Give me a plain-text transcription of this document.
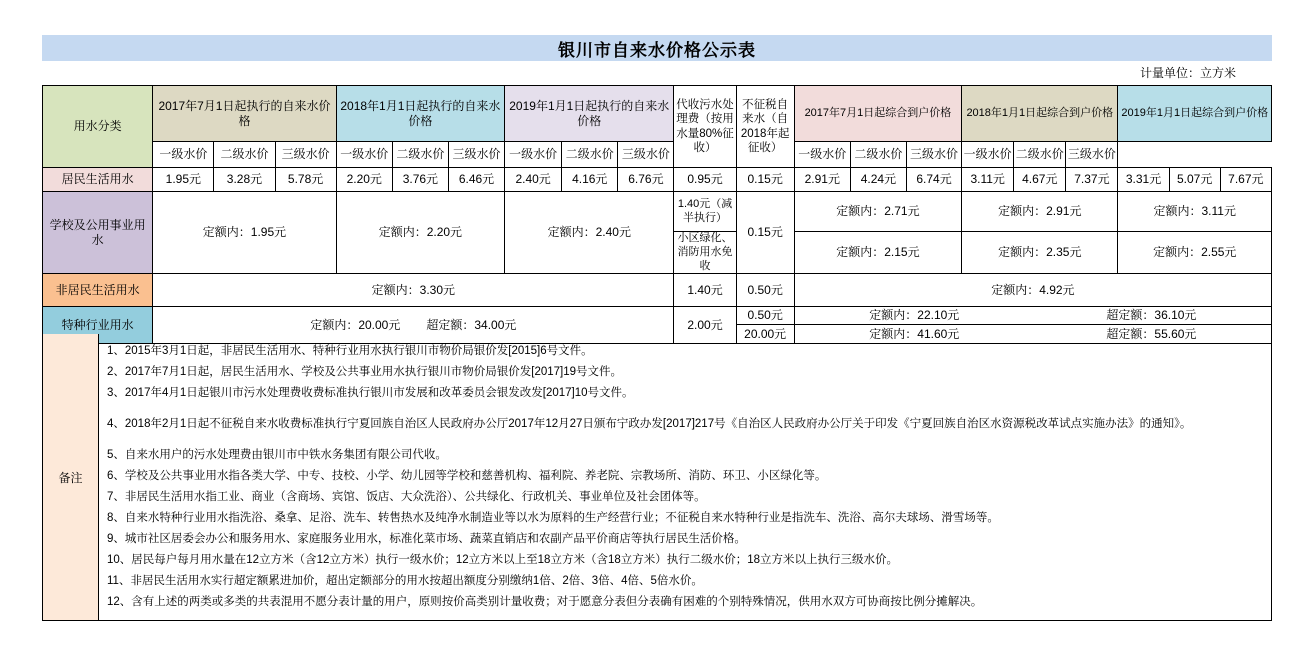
银川市自来水价格公示表
计量单位：立方米
用水分类	2017年7月1日起执行的自来水价格			2018年1月1日起执行的自来水价格			2019年1月1日起执行的自来水价格			代收污水处理费（按用水量80%征收）	不征税自来水（自2018年起征收）	2017年7月1日起综合到户价格			2018年1月1日起综合到户价格			2019年1月1日起综合到户价格		
	一级水价	二级水价	三级水价	一级水价	二级水价	三级水价	一级水价	二级水价	三级水价			一级水价	二级水价	三级水价	一级水价	二级水价	三级水价			
居民生活用水	1.95元	3.28元	5.78元	2.20元	3.76元	6.46元	2.40元	4.16元	6.76元	0.95元	0.15元	2.91元	4.24元	6.74元	3.11元	4.67元	7.37元	3.31元	5.07元	7.67元
学校及公用事业用水	定额内：1.95元			定额内：2.20元			定额内：2.40元			1.40元（减半执行）	0.15元	定额内：2.71元			定额内：2.91元			定额内：3.11元		
										小区绿化、消防用水免收		定额内：2.15元			定额内：2.35元			定额内：2.55元		
非居民生活用水	定额内：3.30元									1.40元	0.50元	定额内：4.92元								
特种行业用水	定额内：20.00元 超定额：34.00元									2.00元	0.50元	定额内：22.10元 超定额：36.10元								

											20.00元	定额内：41.60元 超定额：55.60元								
备注
1、2015年3月1日起，非居民生活用水、特种行业用水执行银川市物价局银价发[2015]6号文件。
2、2017年7月1日起，居民生活用水、学校及公共事业用水执行银川市物价局银价发[2017]19号文件。
3、2017年4月1日起银川市污水处理费收费标准执行银川市发展和改革委员会银发改发[2017]10号文件。
4、2018年2月1日起不征税自来水收费标准执行宁夏回族自治区人民政府办公厅2017年12月27日颁布宁政办发[2017]217号《自治区人民政府办公厅关于印发《宁夏回族自治区水资源税改革试点实施办法》的通知》。
5、自来水用户的污水处理费由银川市中铁水务集团有限公司代收。
6、学校及公共事业用水指各类大学、中专、技校、小学、幼儿园等学校和慈善机构、福利院、养老院、宗教场所、消防、环卫、小区绿化等。
7、非居民生活用水指工业、商业（含商场、宾馆、饭店、大众洗浴）、公共绿化、行政机关、事业单位及社会团体等。
8、自来水特种行业用水指洗浴、桑拿、足浴、洗车、转售热水及纯净水制造业等以水为原料的生产经营行业；不征税自来水特种行业是指洗车、洗浴、高尔夫球场、滑雪场等。
9、城市社区居委会办公和服务用水、家庭服务业用水，标准化菜市场、蔬菜直销店和农副产品平价商店等执行居民生活价格。
10、居民每户每月用水量在12立方米（含12立方米）执行一级水价；12立方米以上至18立方米（含18立方米）执行二级水价；18立方米以上执行三级水价。
11、非居民生活用水实行超定额累进加价，超出定额部分的用水按超出额度分别缴纳1倍、2倍、3倍、4倍、5倍水价。
12、含有上述的两类或多类的共表混用不愿分表计量的用户，原则按价高类别计量收费；对于愿意分表但分表确有困难的个别特殊情况，供用水双方可协商按比例分摊解决。
